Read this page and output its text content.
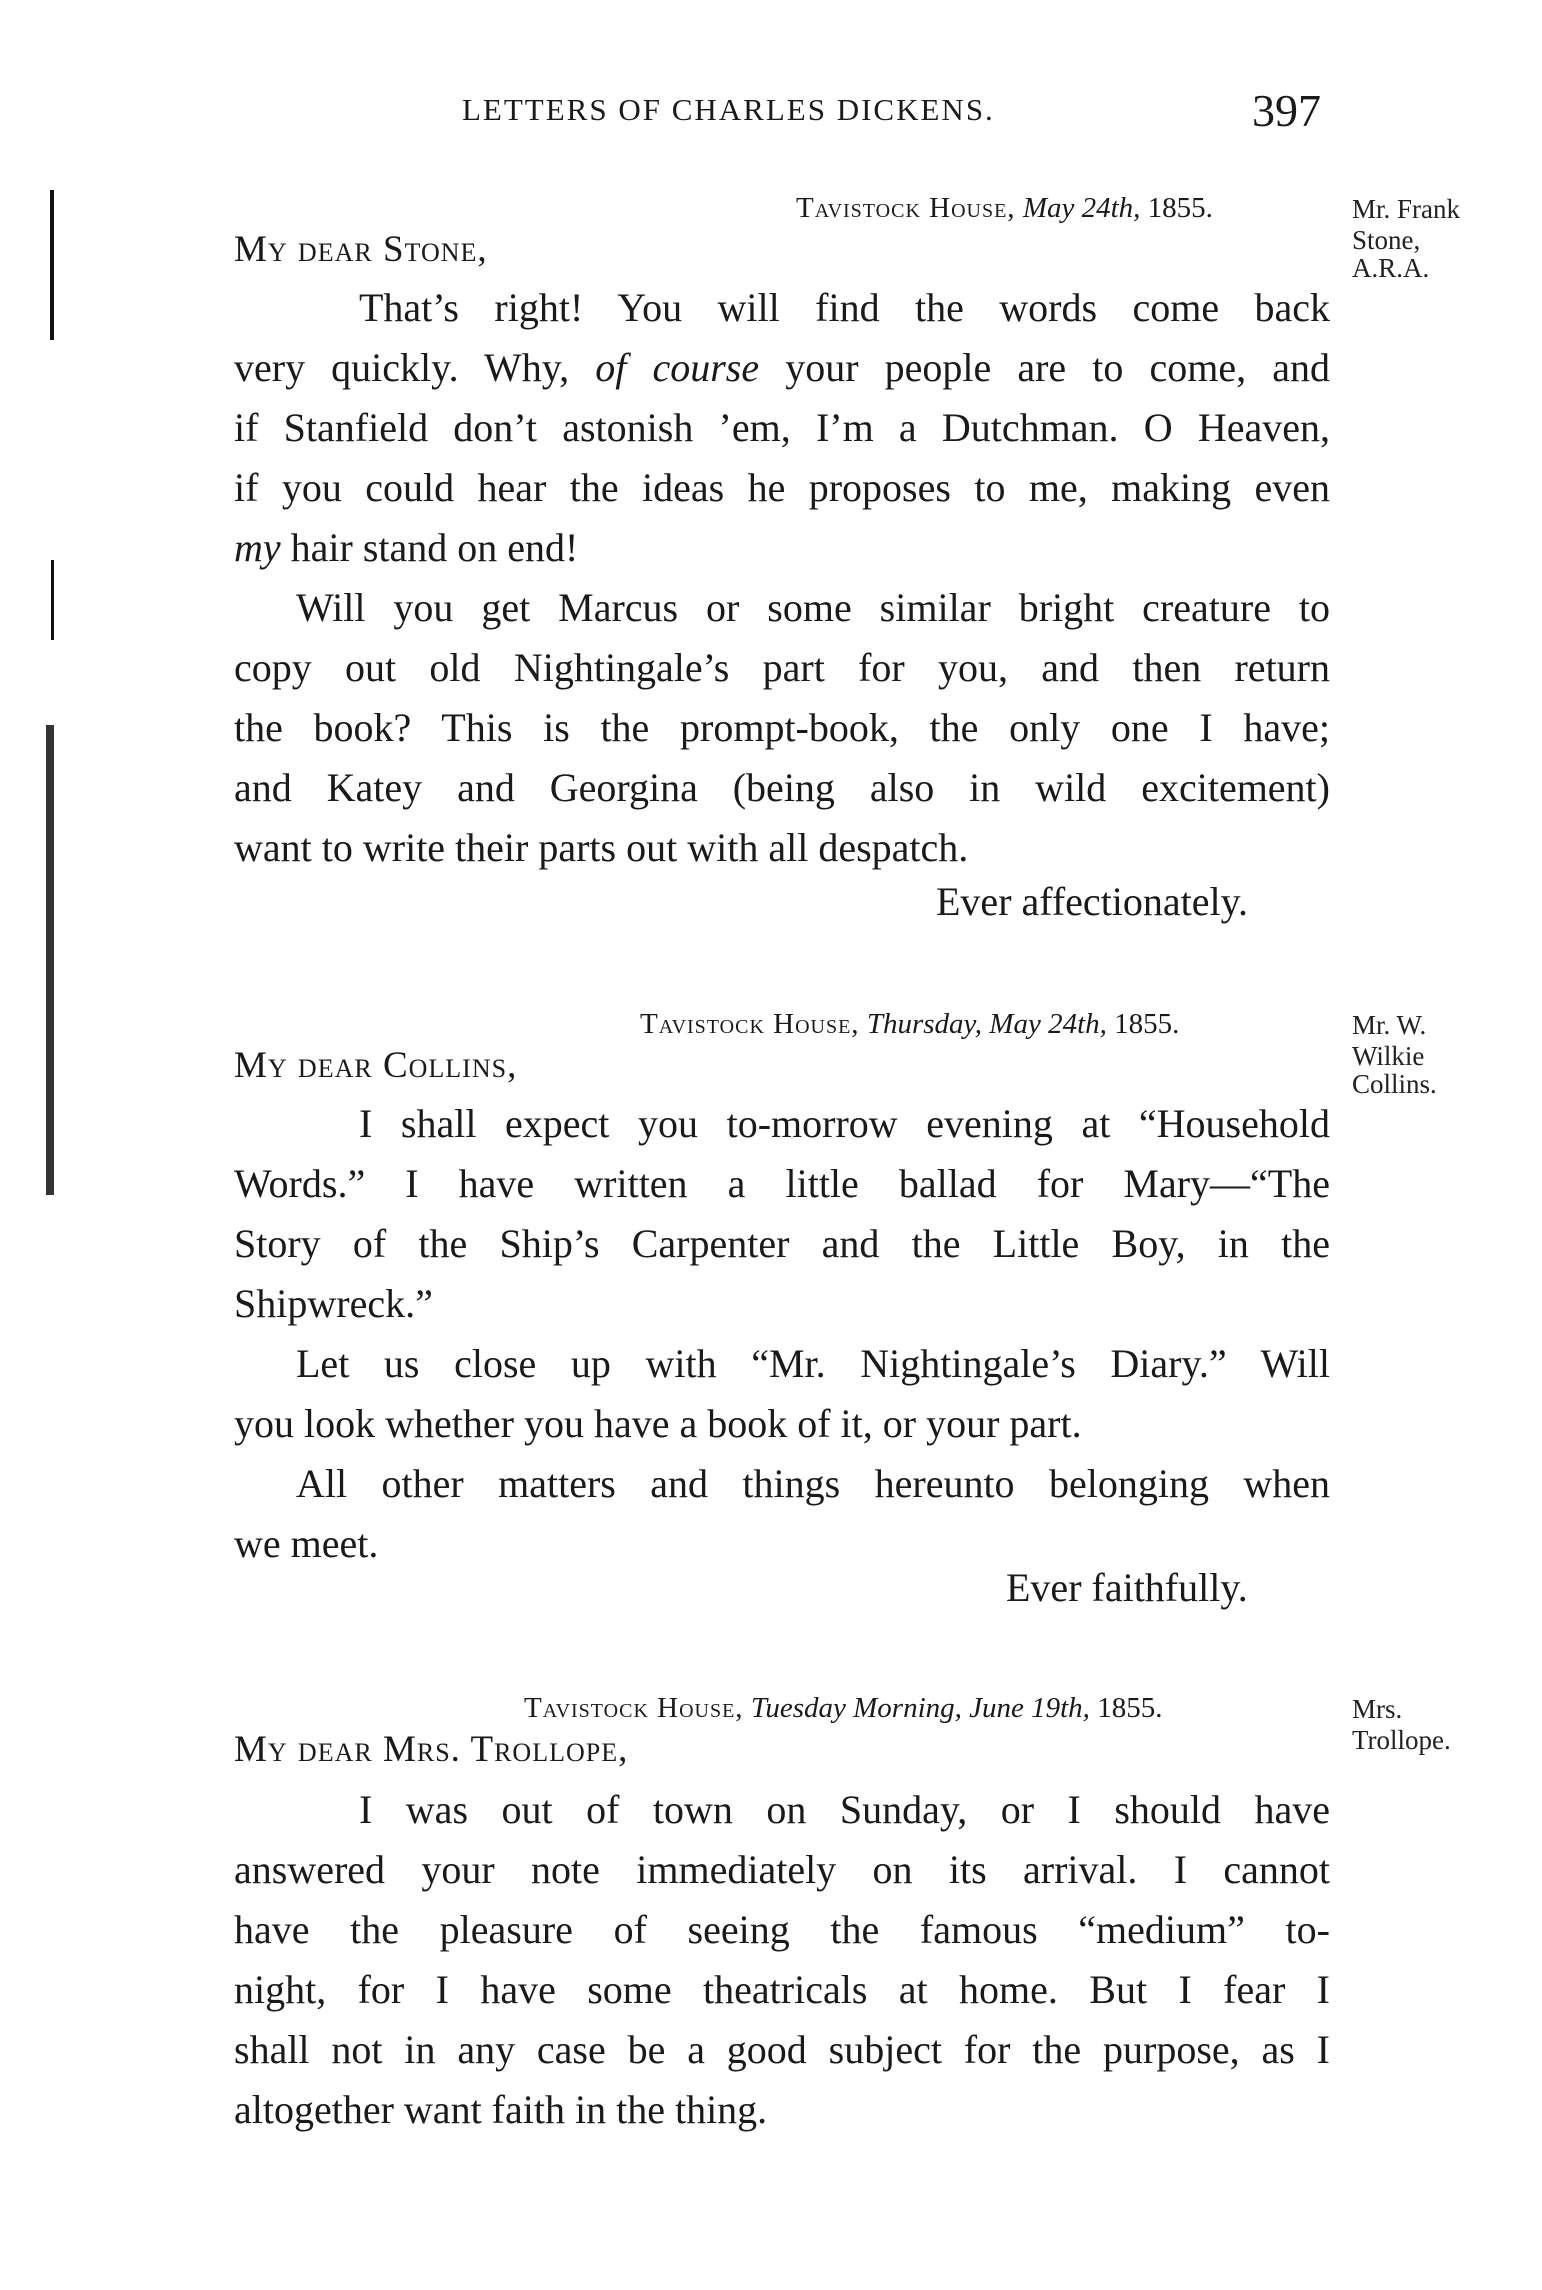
LETTERS OF CHARLES DICKENS.	397
Tavistock House, May 24th, 1855.
My dear Stone,
Mr. Frank
Stone,
A.R.A.
That’s right! You will find the words come back
very quickly. Why, of course your people are to come, and
if Stanfield don’t astonish ’em, I’m a Dutchman. O Heaven,
if you could hear the ideas he proposes to me, making even
my hair stand on end!
Will you get Marcus or some similar bright creature to
copy out old Nightingale’s part for you, and then return
the book? This is the prompt-book, the only one I have;
and Katey and Georgina (being also in wild excitement)
want to write their parts out with all despatch.
Ever affectionately.
Tavistock House, Thursday, May 24th, 1855.
My dear Collins,
Mr. W.
Wilkie
Collins.
I shall expect you to-morrow evening at “Household
Words.” I have written a little ballad for Mary—“The
Story of the Ship’s Carpenter and the Little Boy, in the
Shipwreck.”
Let us close up with “Mr. Nightingale’s Diary.” Will
you look whether you have a book of it, or your part.
All other matters and things hereunto belonging when
we meet.
Ever faithfully.
Tavistock House, Tuesday Morning, June 19th, 1855.
My dear Mrs. Trollope,
Mrs.
Trollope.
I was out of town on Sunday, or I should have
answered your note immediately on its arrival. I cannot
have the pleasure of seeing the famous “medium” to-
night, for I have some theatricals at home. But I fear I
shall not in any case be a good subject for the purpose, as I
altogether want faith in the thing.
